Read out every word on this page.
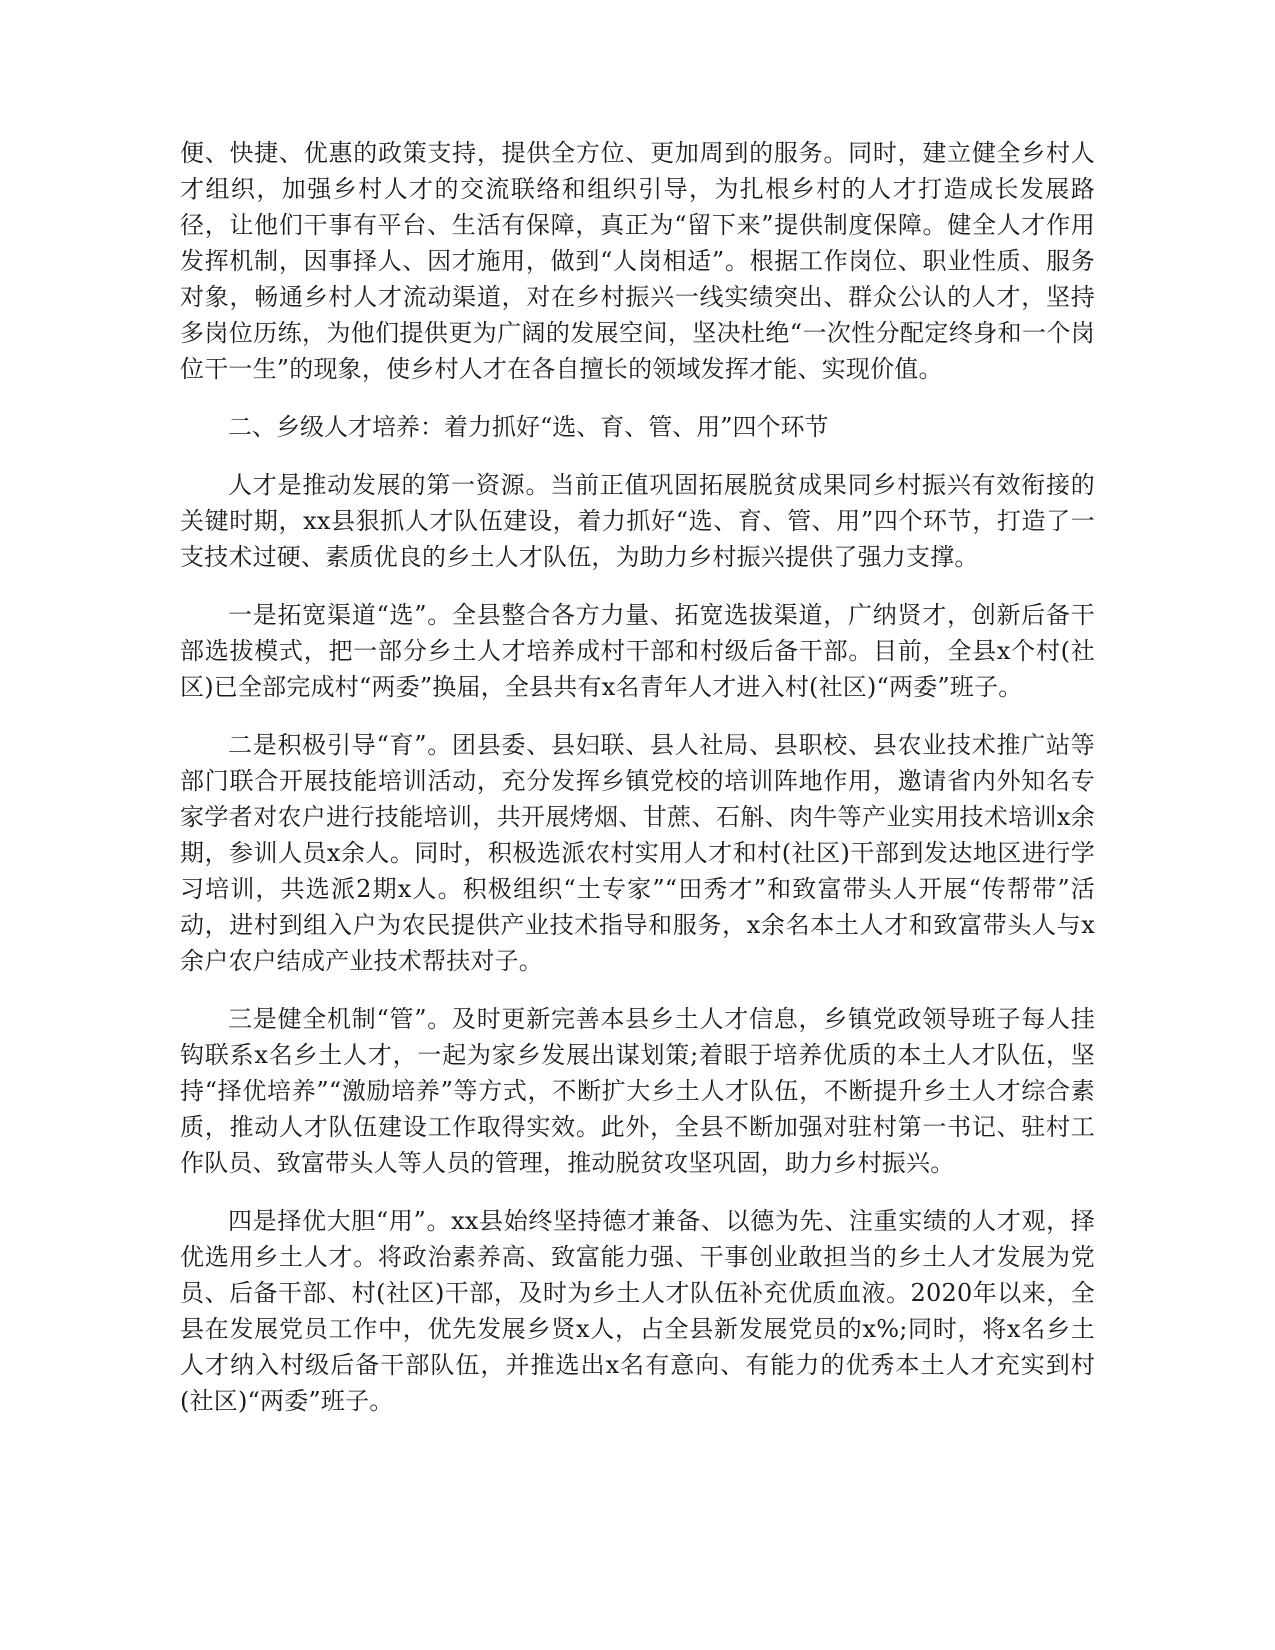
便、快捷、优惠的政策支持，提供全方位、更加周到的服务。同时，建立健全乡村人才组织，加强乡村人才的交流联络和组织引导，为扎根乡村的人才打造成长发展路径，让他们干事有平台、生活有保障，真正为“留下来”提供制度保障。健全人才作用发挥机制，因事择人、因才施用，做到“人岗相适”。根据工作岗位、职业性质、服务对象，畅通乡村人才流动渠道，对在乡村振兴一线实绩突出、群众公认的人才，坚持多岗位历练，为他们提供更为广阔的发展空间，坚决杜绝“一次性分配定终身和一个岗位干一生”的现象，使乡村人才在各自擅长的领域发挥才能、实现价值。

二、乡级人才培养：着力抓好“选、育、管、用”四个环节

人才是推动发展的第一资源。当前正值巩固拓展脱贫成果同乡村振兴有效衔接的关键时期，xx县狠抓人才队伍建设，着力抓好“选、育、管、用”四个环节，打造了一支技术过硬、素质优良的乡土人才队伍，为助力乡村振兴提供了强力支撑。

一是拓宽渠道“选”。全县整合各方力量、拓宽选拔渠道，广纳贤才，创新后备干部选拔模式，把一部分乡土人才培养成村干部和村级后备干部。目前，全县x个村(社区)已全部完成村“两委”换届，全县共有x名青年人才进入村(社区)“两委”班子。

二是积极引导“育”。团县委、县妇联、县人社局、县职校、县农业技术推广站等部门联合开展技能培训活动，充分发挥乡镇党校的培训阵地作用，邀请省内外知名专家学者对农户进行技能培训，共开展烤烟、甘蔗、石斛、肉牛等产业实用技术培训x余期，参训人员x余人。同时，积极选派农村实用人才和村(社区)干部到发达地区进行学习培训，共选派2期x人。积极组织“土专家”“田秀才”和致富带头人开展“传帮带”活动，进村到组入户为农民提供产业技术指导和服务，x余名本土人才和致富带头人与x余户农户结成产业技术帮扶对子。

三是健全机制“管”。及时更新完善本县乡土人才信息，乡镇党政领导班子每人挂钩联系x名乡土人才，一起为家乡发展出谋划策;着眼于培养优质的本土人才队伍，坚持“择优培养”“激励培养”等方式，不断扩大乡土人才队伍，不断提升乡土人才综合素质，推动人才队伍建设工作取得实效。此外，全县不断加强对驻村第一书记、驻村工作队员、致富带头人等人员的管理，推动脱贫攻坚巩固，助力乡村振兴。

四是择优大胆“用”。xx县始终坚持德才兼备、以德为先、注重实绩的人才观，择优选用乡土人才。将政治素养高、致富能力强、干事创业敢担当的乡土人才发展为党员、后备干部、村(社区)干部，及时为乡土人才队伍补充优质血液。2020年以来，全县在发展党员工作中，优先发展乡贤x人，占全县新发展党员的x%;同时，将x名乡土人才纳入村级后备干部队伍，并推选出x名有意向、有能力的优秀本土人才充实到村(社区)“两委”班子。
